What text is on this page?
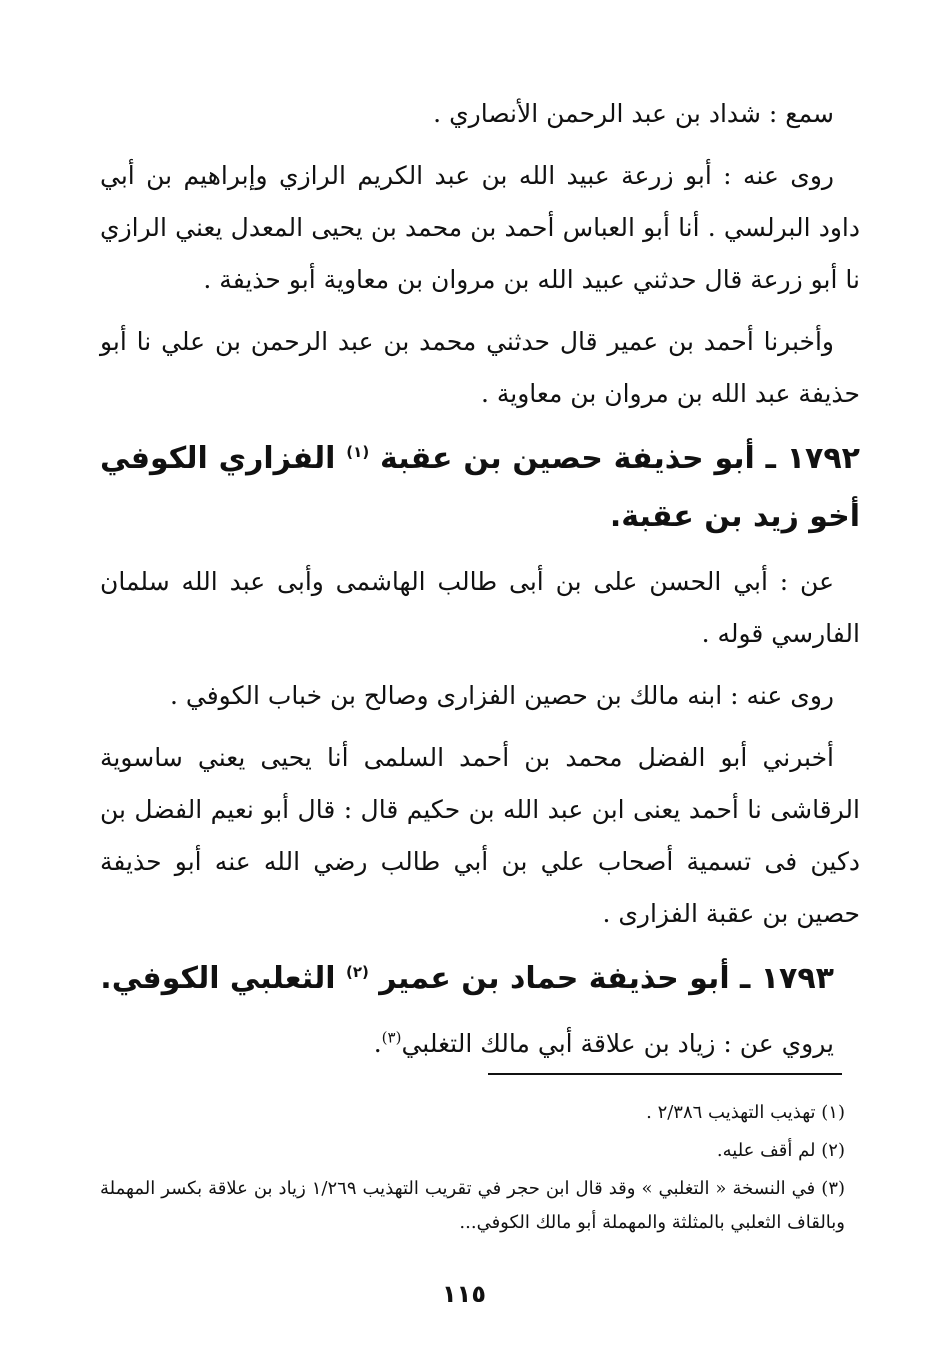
سمع : شداد بن عبد الرحمن الأنصاري .

روى عنه : أبو زرعة عبيد الله بن عبد الكريم الرازي وإبراهيم بن أبي داود البرلسي . أنا أبو العباس أحمد بن محمد بن يحيى المعدل يعني الرازي نا أبو زرعة قال حدثني عبيد الله بن مروان بن معاوية أبو حذيفة .

وأخبرنا أحمد بن عمير قال حدثني محمد بن عبد الرحمن بن علي نا أبو حذيفة عبد الله بن مروان بن معاوية .

١٧٩٢ ـ أبو حذيفة حصين بن عقبة $^{(١)}$ الفزاري الكوفي أخو زيد بن عقبة.

عن : أبي الحسن على بن أبى طالب الهاشمى وأبى عبد الله سلمان الفارسي قوله .

روى عنه : ابنه مالك بن حصين الفزارى وصالح بن خباب الكوفي .

أخبرني أبو الفضل محمد بن أحمد السلمى أنا يحيى يعني ساسوية الرقاشى نا أحمد يعنى ابن عبد الله بن حكيم قال : قال أبو نعيم الفضل بن دكين فى تسمية أصحاب علي بن أبي طالب رضي الله عنه أبو حذيفة حصين بن عقبة الفزارى .

١٧٩٣ ـ أبو حذيفة حماد بن عمير $^{(٢)}$ الثعلبي الكوفي.

يروي عن : زياد بن علاقة أبي مالك التغلبي$^{(٣)}$.

(١) تهذيب التهذيب ٢/٣٨٦ .

(٢) لم أقف عليه.

(٣) في النسخة « التغلبي » وقد قال ابن حجر في تقريب التهذيب ١/٢٦٩ زياد بن علاقة بكسر المهملة وبالقاف الثعلبي بالمثلثة والمهملة أبو مالك الكوفي...

١١٥
